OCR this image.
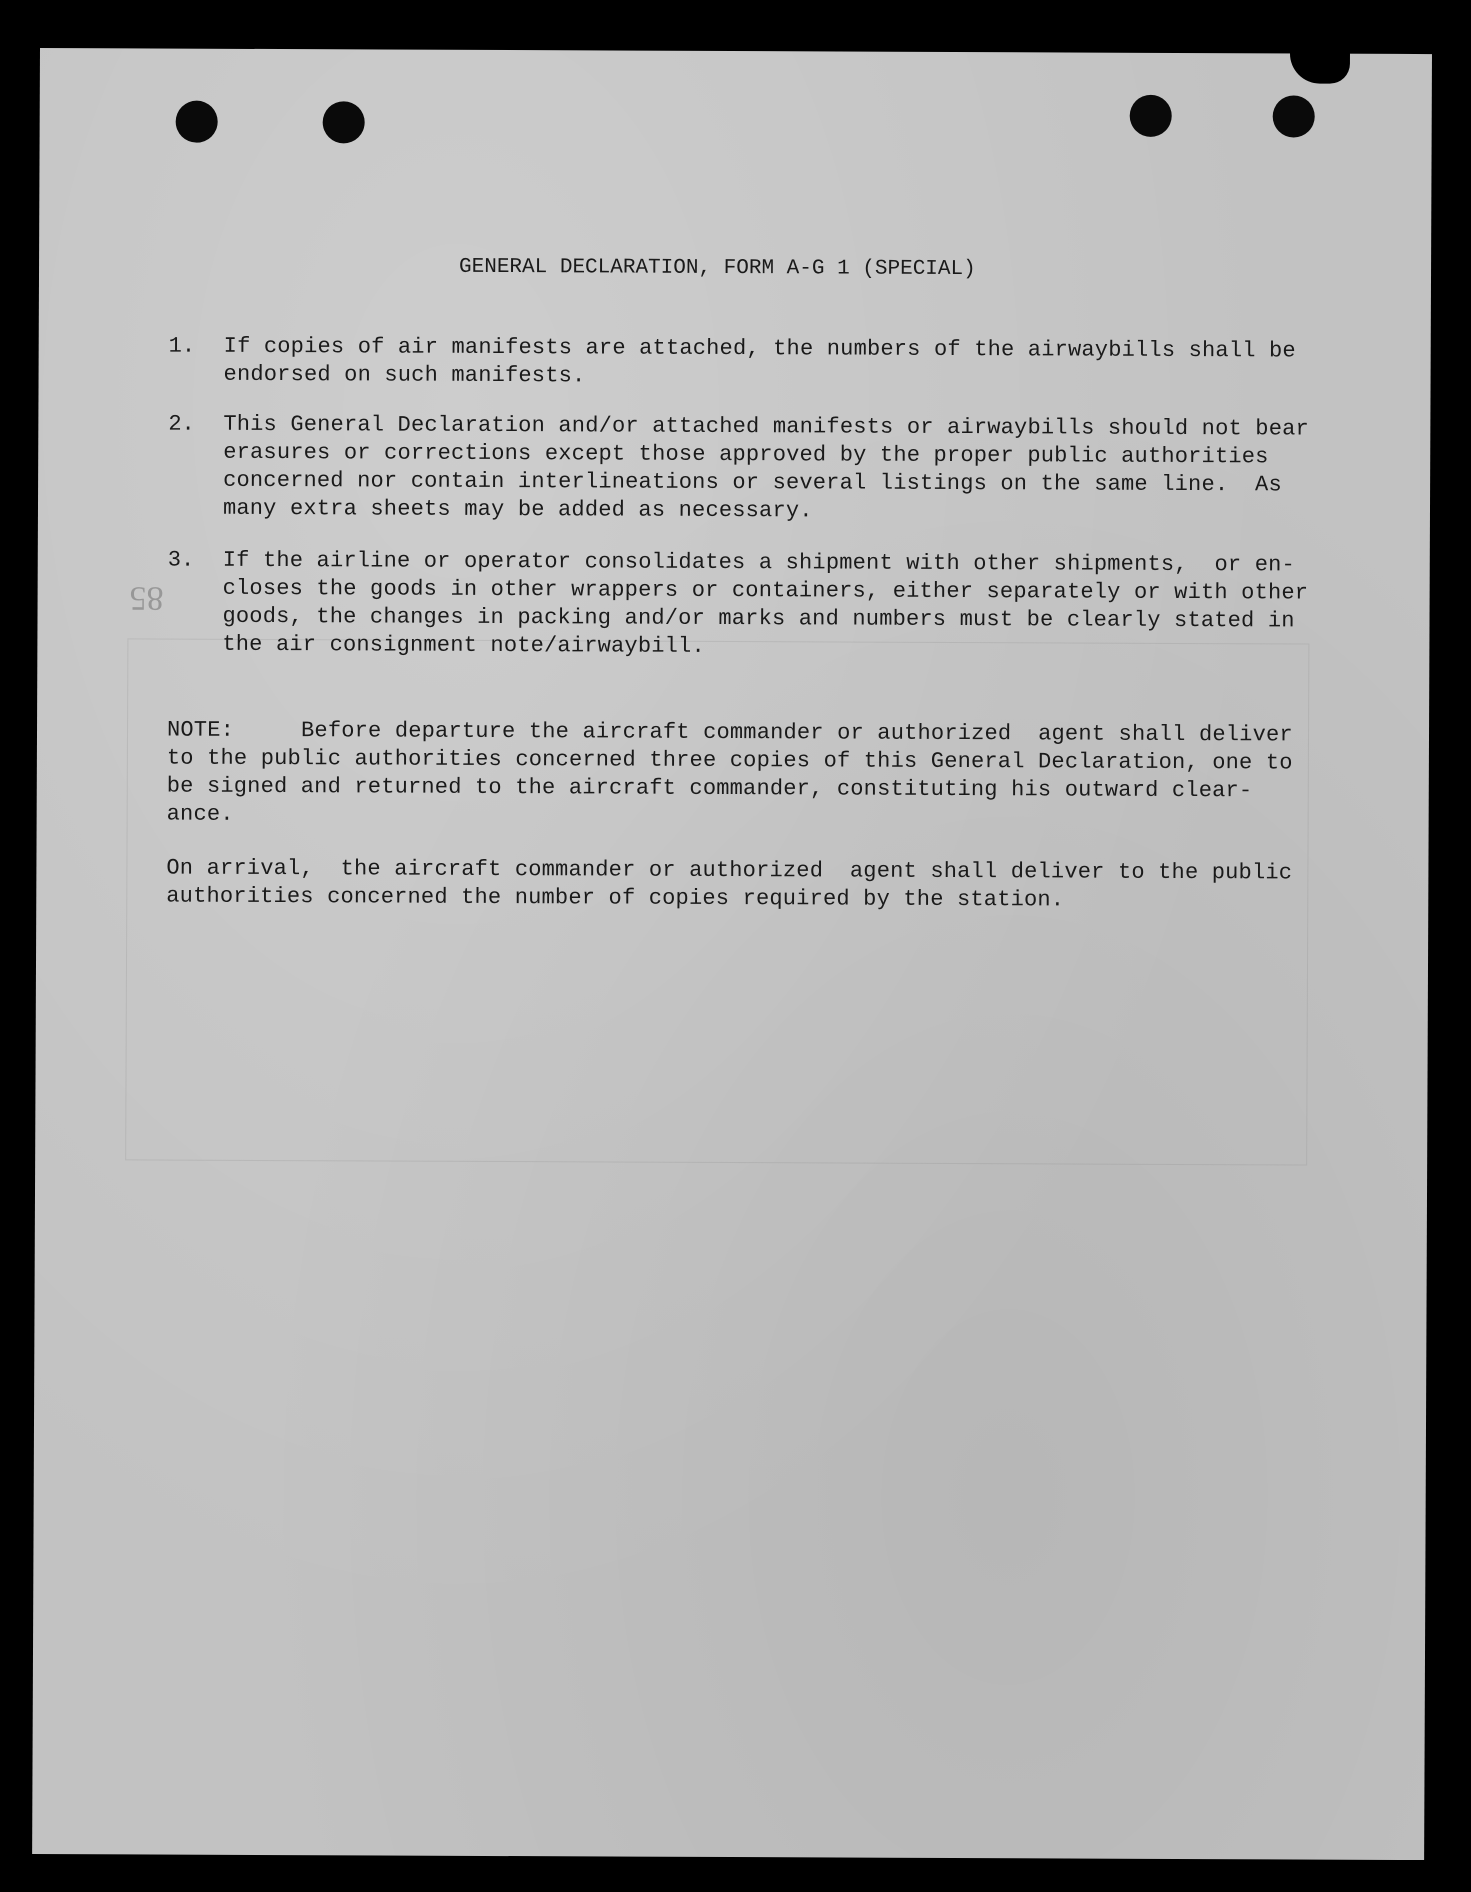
85
GENERAL DECLARATION, FORM A-G 1 (SPECIAL)
1. If copies of air manifests are attached, the numbers of the airwaybills shall be
endorsed on such manifests.
2. This General Declaration and/or attached manifests or airwaybills should not bear
erasures or corrections except those approved by the proper public authorities
concerned nor contain interlineations or several listings on the same line.  As
many extra sheets may be added as necessary.
3. If the airline or operator consolidates a shipment with other shipments,  or en-
closes the goods in other wrappers or containers, either separately or with other
goods, the changes in packing and/or marks and numbers must be clearly stated in
the air consignment note/airwaybill.
NOTE:     Before departure the aircraft commander or authorized  agent shall deliver
to the public authorities concerned three copies of this General Declaration, one to
be signed and returned to the aircraft commander, constituting his outward clear-
ance.
On arrival,  the aircraft commander or authorized  agent shall deliver to the public
authorities concerned the number of copies required by the station.
